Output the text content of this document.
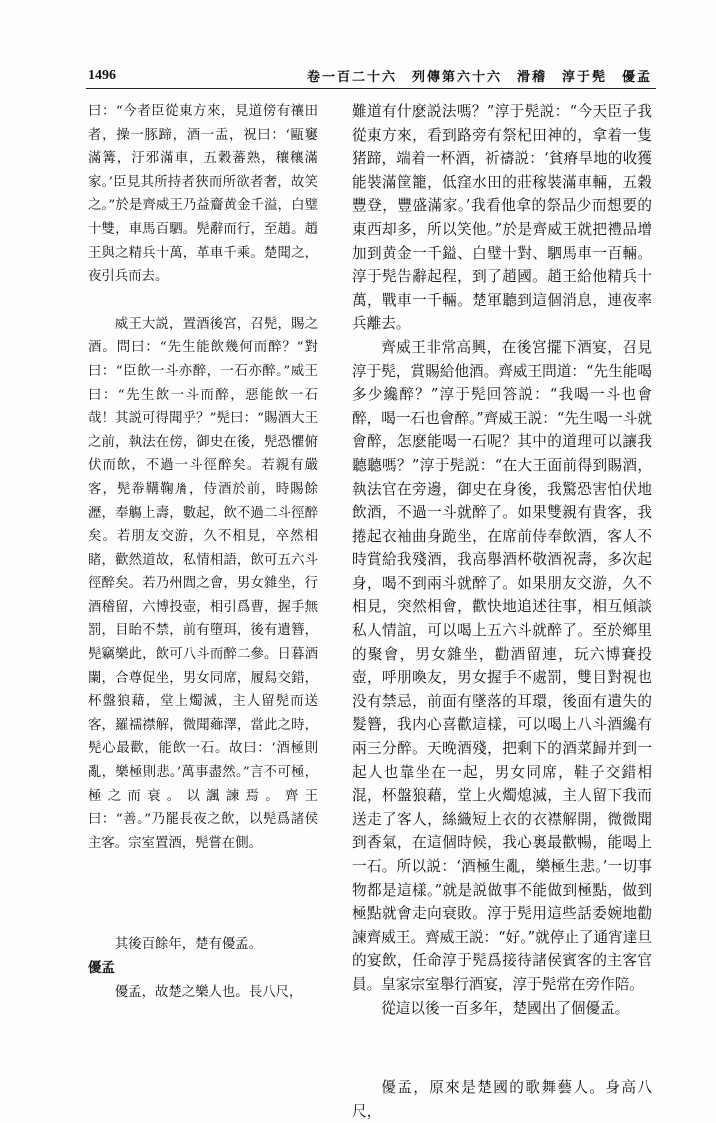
1496	卷一百二十六　列傳第六十六　滑稽　淳于髡　優孟

曰：“今者臣從東方來，見道傍有禳田者，操一豚蹄，酒一盂，祝曰：‘甌窶滿篝，汙邪滿車，五穀蕃熟，穰穰滿家。’臣見其所持者狹而所欲者奢，故笑之。”於是齊威王乃益齎黄金千溢，白璧十雙，車馬百駟。髡辭而行，至趙。趙王與之精兵十萬，革車千乘。楚聞之，夜引兵而去。

威王大説，置酒後宮，召髡，賜之酒。問曰：“先生能飲幾何而醉？”對曰：“臣飲一斗亦醉，一石亦醉。”威王曰：“先生飲一斗而醉，惡能飲一石哉！其説可得聞乎？”髡曰：“賜酒大王之前，執法在傍，御史在後，髡恐懼俯伏而飲，不過一斗徑醉矣。若親有嚴客，髡帣鞲鞠𦙍，侍酒於前，時賜餘瀝，奉觴上壽，數起，飲不過二斗徑醉矣。若朋友交游，久不相見，卒然相睹，歡然道故，私情相語，飲可五六斗徑醉矣。若乃州閭之會，男女雜坐，行酒稽留，六博投壺，相引爲曹，握手無罰，目眙不禁，前有墮珥，後有遺簪，髡竊樂此，飲可八斗而醉二參。日暮酒闌，合尊促坐，男女同席，履舄交錯，杯盤狼藉，堂上燭滅，主人留髡而送客，羅襦襟解，微聞薌澤，當此之時，髡心最歡，能飲一石。故曰：‘酒極則亂，樂極則悲。’萬事盡然。”言不可極，極之而衰。以諷諫焉。齊王曰：“善。”乃罷長夜之飲，以髡爲諸侯主客。宗室置酒，髡嘗在側。

其後百餘年，楚有優孟。

優孟

優孟，故楚之樂人也。長八尺，

難道有什麽説法嗎？”淳于髡説：“今天臣子我從東方來，看到路旁有祭杞田神的，拿着一隻猪蹄，端着一杯酒，祈禱説：‘貧瘠旱地的收獲能裝滿筐籠，低窪水田的莊稼裝滿車輛，五穀豐登，豐盛滿家。’我看他拿的祭品少而想要的東西却多，所以笑他。”於是齊威王就把禮品增加到黄金一千鎰、白璧十對、駟馬車一百輛。淳于髡告辭起程，到了趙國。趙王給他精兵十萬，戰車一千輛。楚軍聽到這個消息，連夜率兵離去。

齊威王非常高興，在後宮擺下酒宴，召見淳于髡，賞賜給他酒。齊威王問道：“先生能喝多少纔醉？”淳于髡回答説：“我喝一斗也會醉，喝一石也會醉。”齊威王説：“先生喝一斗就會醉，怎麽能喝一石呢？其中的道理可以讓我聽聽嗎？”淳于髡説：“在大王面前得到賜酒，執法官在旁邊，御史在身後，我驚恐害怕伏地飲酒，不過一斗就醉了。如果雙親有貴客，我捲起衣袖曲身跪坐，在席前侍奉飲酒，客人不時賞給我殘酒，我高舉酒杯敬酒祝壽，多次起身，喝不到兩斗就醉了。如果朋友交游，久不相見，突然相會，歡快地追述往事，相互傾談私人情誼，可以喝上五六斗就醉了。至於鄉里的聚會，男女雜坐，勸酒留連，玩六博賽投壺，呼朋喚友，男女握手不處罰，雙目對視也没有禁忌，前面有墜落的耳環，後面有遺失的髮簪，我内心喜歡這樣，可以喝上八斗酒纔有兩三分醉。天晚酒殘，把剩下的酒菜歸并到一起人也靠坐在一起，男女同席，鞋子交錯相混，杯盤狼藉，堂上火燭熄滅，主人留下我而送走了客人，絲織短上衣的衣襟解開，微微聞到香氣，在這個時候，我心裏最歡暢，能喝上一石。所以説：‘酒極生亂，樂極生悲。’一切事物都是這樣。”就是説做事不能做到極點，做到極點就會走向衰敗。淳于髡用這些話委婉地勸諫齊威王。齊威王説：“好。”就停止了通宵達旦的宴飲，任命淳于髡爲接待諸侯賓客的主客官員。皇家宗室舉行酒宴，淳于髡常在旁作陪。

從這以後一百多年，楚國出了個優孟。

優孟，原來是楚國的歌舞藝人。身高八尺，
